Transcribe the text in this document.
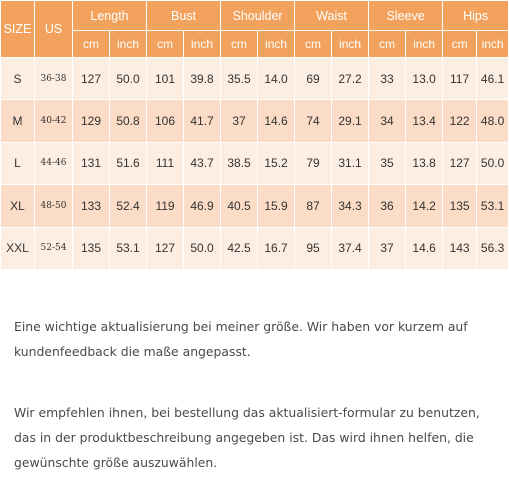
SIZE	US	Length		Bust		Shoulder		Waist		Sleeve		Hips	
		cm	inch	cm	inch	cm	inch	cm	inch	cm	inch	cm	inch
S	36-38	127	50.0	101	39.8	35.5	14.0	69	27.2	33	13.0	117	46.1
M	40-42	129	50.8	106	41.7	37	14.6	74	29.1	34	13.4	122	48.0
L	44-46	131	51.6	111	43.7	38.5	15.2	79	31.1	35	13.8	127	50.0
XL	48-50	133	52.4	119	46.9	40.5	15.9	87	34.3	36	14.2	135	53.1
XXL	52-54	135	53.1	127	50.0	42.5	16.7	95	37.4	37	14.6	143	56.3

Eine wichtige aktualisierung bei meiner größe. Wir haben vor kurzem auf kundenfeedback die maße angepasst.

Wir empfehlen ihnen, bei bestellung das aktualisiert-formular zu benutzen, das in der produktbeschreibung angegeben ist. Das wird ihnen helfen, die gewünschte größe auszuwählen.
